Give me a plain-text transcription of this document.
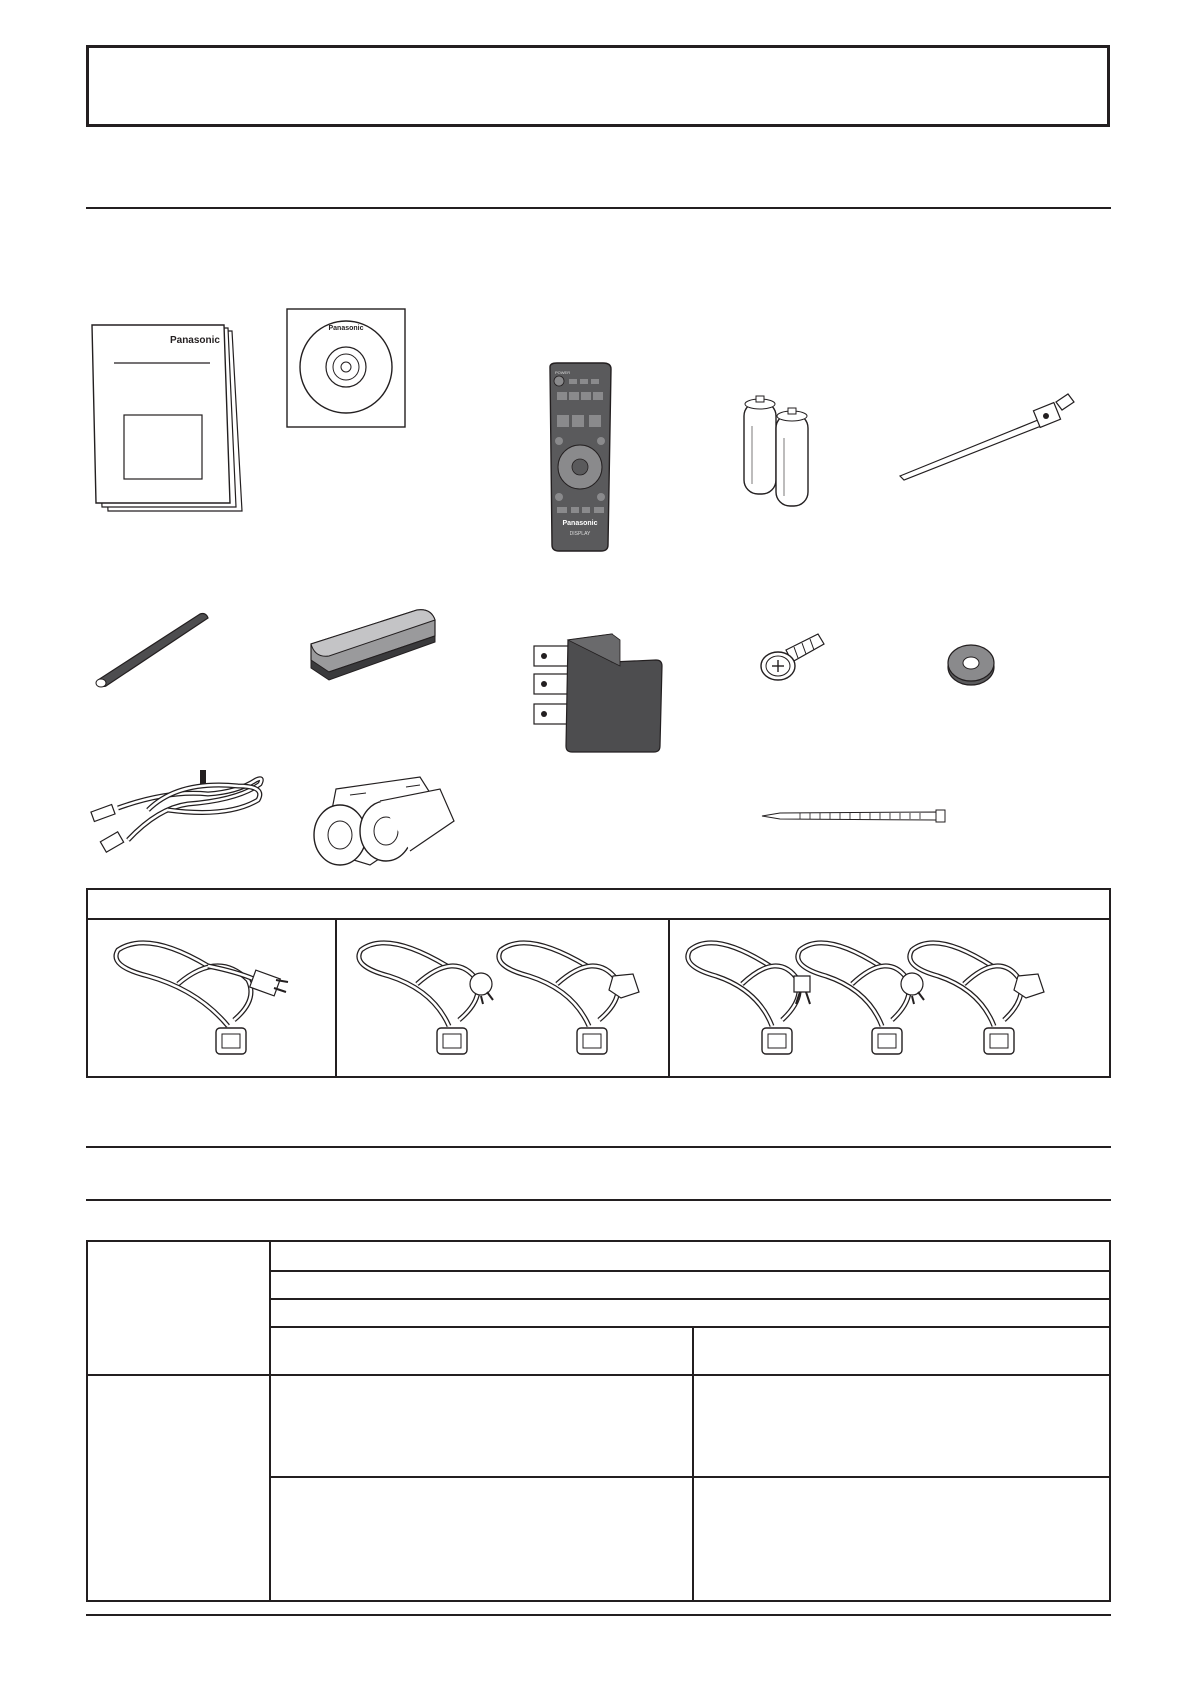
Panasonic
Panasonic
Panasonic
DISPLAY
POWER
